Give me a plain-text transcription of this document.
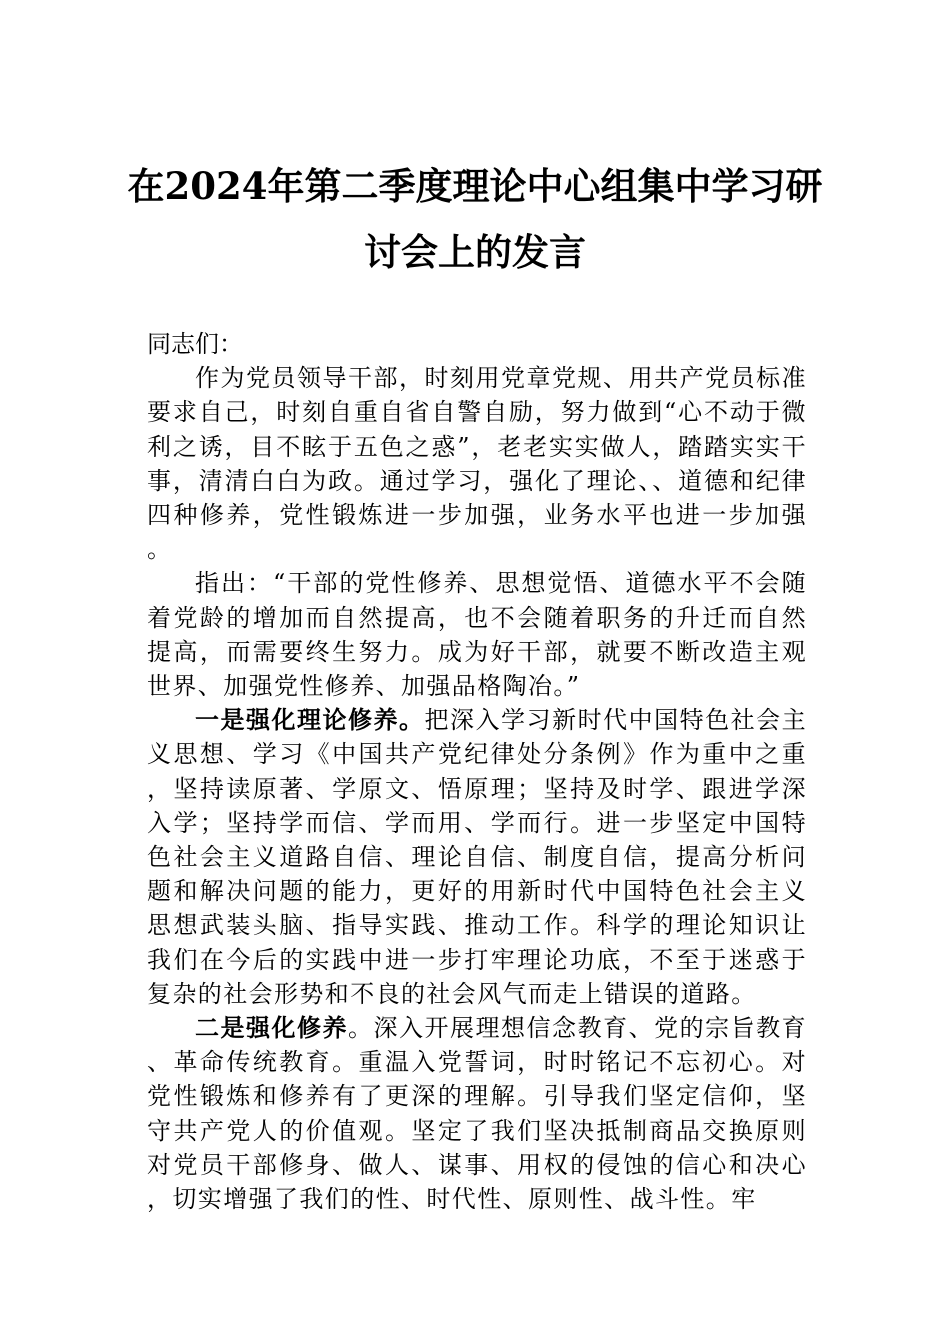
在2024年第二季度理论中心组集中学习研
讨会上的发言

同志们：

作为党员领导干部，时刻用党章党规、用共产党员标准要求自己，时刻自重自省自警自励，努力做到“心不动于微利之诱，目不眩于五色之惑”，老老实实做人，踏踏实实干事，清清白白为政。通过学习，强化了理论、、道德和纪律四种修养，党性锻炼进一步加强，业务水平也进一步加强。

指出：“干部的党性修养、思想觉悟、道德水平不会随着党龄的增加而自然提高，也不会随着职务的升迁而自然提高，而需要终生努力。成为好干部，就要不断改造主观世界、加强党性修养、加强品格陶冶。”

一是强化理论修养。把深入学习新时代中国特色社会主义思想、学习《中国共产党纪律处分条例》作为重中之重，坚持读原著、学原文、悟原理；坚持及时学、跟进学深入学；坚持学而信、学而用、学而行。进一步坚定中国特色社会主义道路自信、理论自信、制度自信，提高分析问题和解决问题的能力，更好的用新时代中国特色社会主义思想武装头脑、指导实践、推动工作。科学的理论知识让我们在今后的实践中进一步打牢理论功底，不至于迷惑于复杂的社会形势和不良的社会风气而走上错误的道路。

二是强化修养。深入开展理想信念教育、党的宗旨教育、革命传统教育。重温入党誓词，时时铭记不忘初心。对党性锻炼和修养有了更深的理解。引导我们坚定信仰，坚守共产党人的价值观。坚定了我们坚决抵制商品交换原则对党员干部修身、做人、谋事、用权的侵蚀的信心和决心，切实增强了我们的性、时代性、原则性、战斗性。牢
